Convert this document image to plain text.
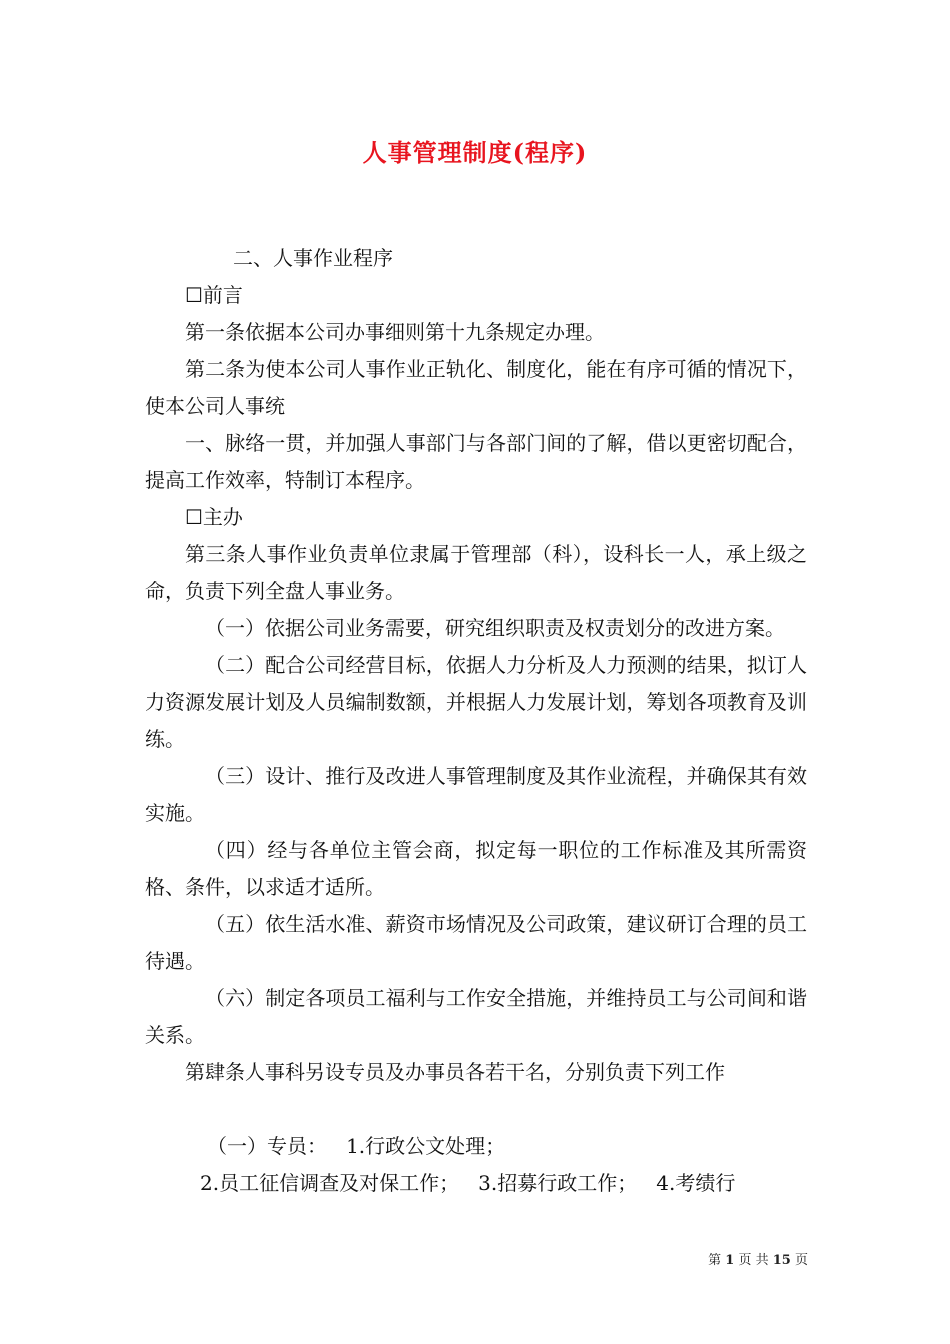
人事管理制度(程序)

二、人事作业程序

☐前言

第一条依据本公司办事细则第十九条规定办理。

第二条为使本公司人事作业正轨化、制度化，能在有序可循的情况下，使本公司人事统

一、脉络一贯，并加强人事部门与各部门间的了解，借以更密切配合，提高工作效率，特制订本程序。

☐主办

第三条人事作业负责单位隶属于管理部（科），设科长一人，承上级之命，负责下列全盘人事业务。

（一）依据公司业务需要，研究组织职责及权责划分的改进方案。

（二）配合公司经营目标，依据人力分析及人力预测的结果，拟订人力资源发展计划及人员编制数额，并根据人力发展计划，筹划各项教育及训练。

（三）设计、推行及改进人事管理制度及其作业流程，并确保其有效实施。

（四）经与各单位主管会商，拟定每一职位的工作标准及其所需资格、条件，以求适才适所。

（五）依生活水准、薪资市场情况及公司政策，建议研订合理的员工待遇。

（六）制定各项员工福利与工作安全措施，并维持员工与公司间和谐关系。

第肆条人事科另设专员及办事员各若干名，分别负责下列工作

（一）专员：   1.行政公文处理；

2.员工征信调查及对保工作；   3.招募行政工作；   4.考绩行

第 1 页 共 15 页
